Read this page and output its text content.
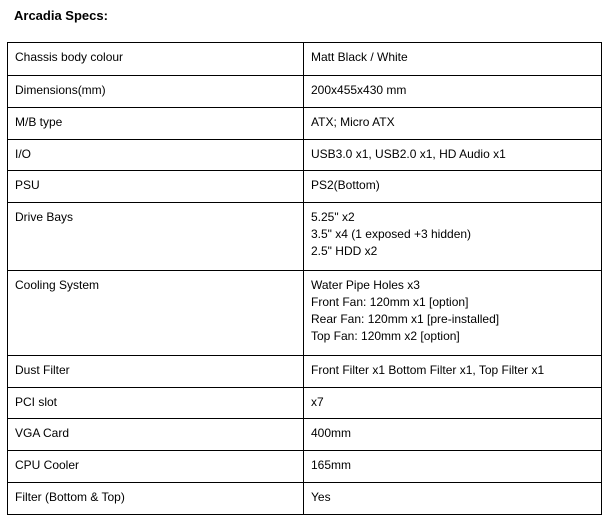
Arcadia Specs:
Chassis body colour	Matt Black / White
Dimensions(mm)	200x455x430 mm
M/B type	ATX; Micro ATX
I/O	USB3.0 x1, USB2.0 x1, HD Audio x1
PSU	PS2(Bottom)
Drive Bays	5.25" x2
3.5" x4 (1 exposed +3 hidden)
2.5" HDD x2

Cooling System	Water Pipe Holes x3
Front Fan: 120mm x1 [option]
Rear Fan: 120mm x1 [pre-installed]
Top Fan: 120mm x2 [option]

Dust Filter	Front Filter x1 Bottom Filter x1, Top Filter x1
PCI slot	x7
VGA Card	400mm
CPU Cooler	165mm
Filter (Bottom & Top)	Yes
